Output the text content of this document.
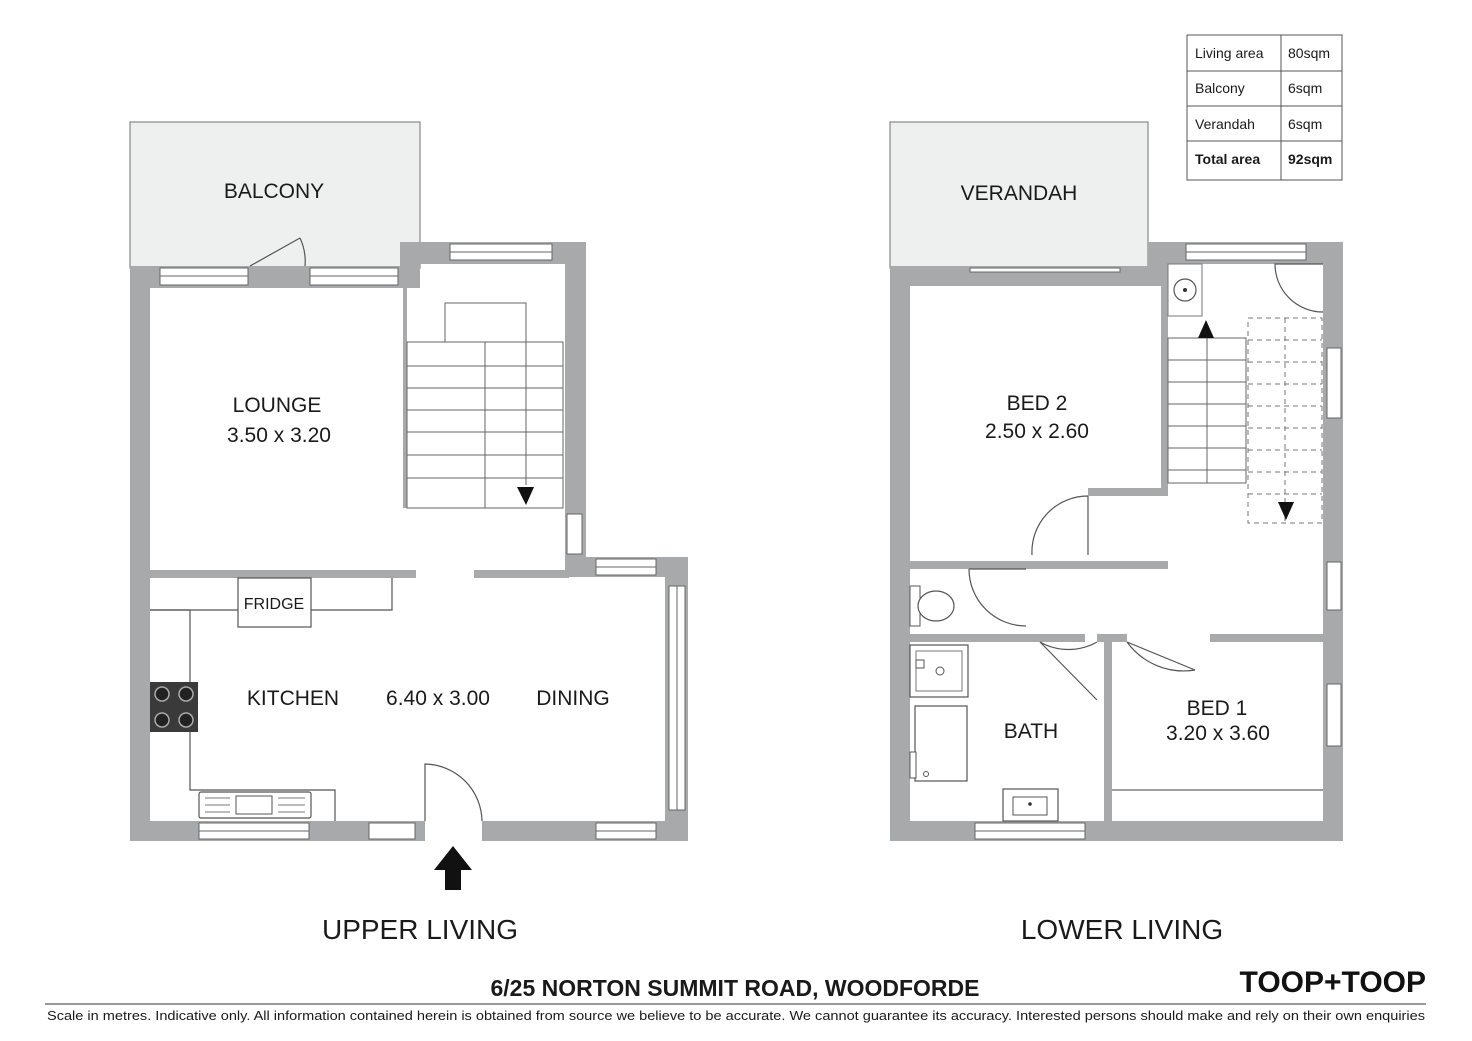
BALCONY
LOUNGE
3.50 x 3.20
FRIDGE
KITCHEN 6.40 x 3.00 DINING
UPPER LIVING
VERANDAH
BED 2
2.50 x 2.60
BATH
BED 1
3.20 x 3.60
LOWER LIVING
Living area 80sqm
Balcony	6sqm
Verandah 6sqm
Total area 92sqm
6/25 NORTON SUMMIT ROAD, WOODFORDE	TOOP+TOOP
Scale in metres. Indicative only. All information contained herein is obtained from source we believe to be accurate. We cannot guarantee its accuracy. Interested persons should make and rely on their own enquiries
